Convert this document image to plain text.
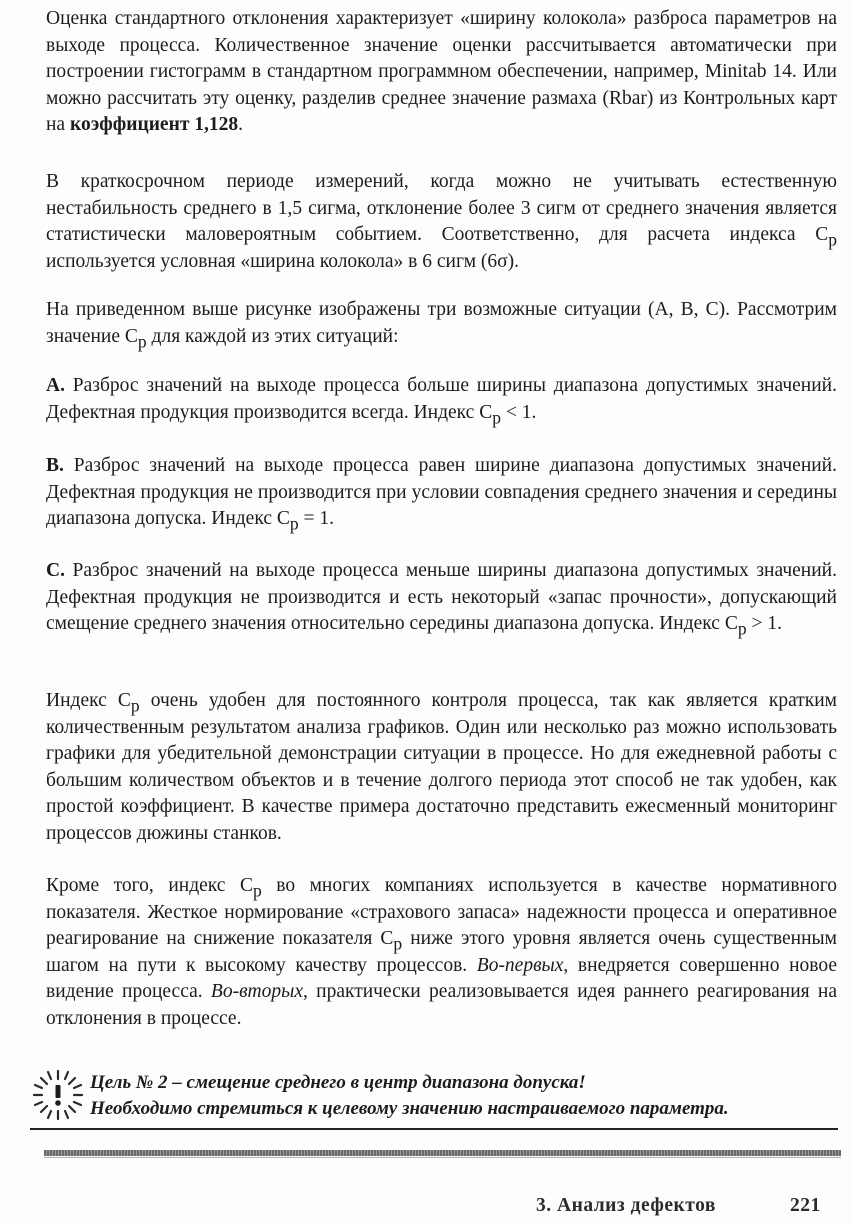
Оценка стандартного отклонения характеризует «ширину колокола» разброса параметров на выходе процесса. Количественное значение оценки рассчитывается автоматически при построении гистограмм в стандартном программном обеспечении, например, Minitab 14. Или можно рассчитать эту оценку, разделив среднее значение размаха (Rbar) из Контрольных карт на коэффициент 1,128.

В краткосрочном периоде измерений, когда можно не учитывать естественную нестабильность среднего в 1,5 сигма, отклонение более 3 сигм от среднего значения является статистически маловероятным событием. Соответственно, для расчета индекса Cp используется условная «ширина колокола» в 6 сигм (6σ).

На приведенном выше рисунке изображены три возможные ситуации (А, В, С). Рассмотрим значение Cp для каждой из этих ситуаций:

А. Разброс значений на выходе процесса больше ширины диапазона допустимых значений. Дефектная продукция производится всегда. Индекс Cp < 1.

В. Разброс значений на выходе процесса равен ширине диапазона допустимых значений. Дефектная продукция не производится при условии совпадения среднего значения и середины диапазона допуска. Индекс Cp = 1.

С. Разброс значений на выходе процесса меньше ширины диапазона допустимых значений. Дефектная продукция не производится и есть некоторый «запас прочности», допускающий смещение среднего значения относительно середины диапазона допуска. Индекс Cp > 1.

Индекс Cp очень удобен для постоянного контроля процесса, так как является кратким количественным результатом анализа графиков. Один или несколько раз можно использовать графики для убедительной демонстрации ситуации в процессе. Но для ежедневной работы с большим количеством объектов и в течение долгого периода этот способ не так удобен, как простой коэффициент. В качестве примера достаточно представить ежесменный мониторинг процессов дюжины станков.

Кроме того, индекс Cp во многих компаниях используется в качестве нормативного показателя. Жесткое нормирование «страхового запаса» надежности процесса и оперативное реагирование на снижение показателя Cp ниже этого уровня является очень существенным шагом на пути к высокому качеству процессов. Во-первых, внедряется совершенно новое видение процесса. Во-вторых, практически реализовывается идея раннего реагирования на отклонения в процессе.

Цель № 2 – смещение среднего в центр диапазона допуска!
Необходимо стремиться к целевому значению настраиваемого параметра.
3. Анализ дефектов	221
